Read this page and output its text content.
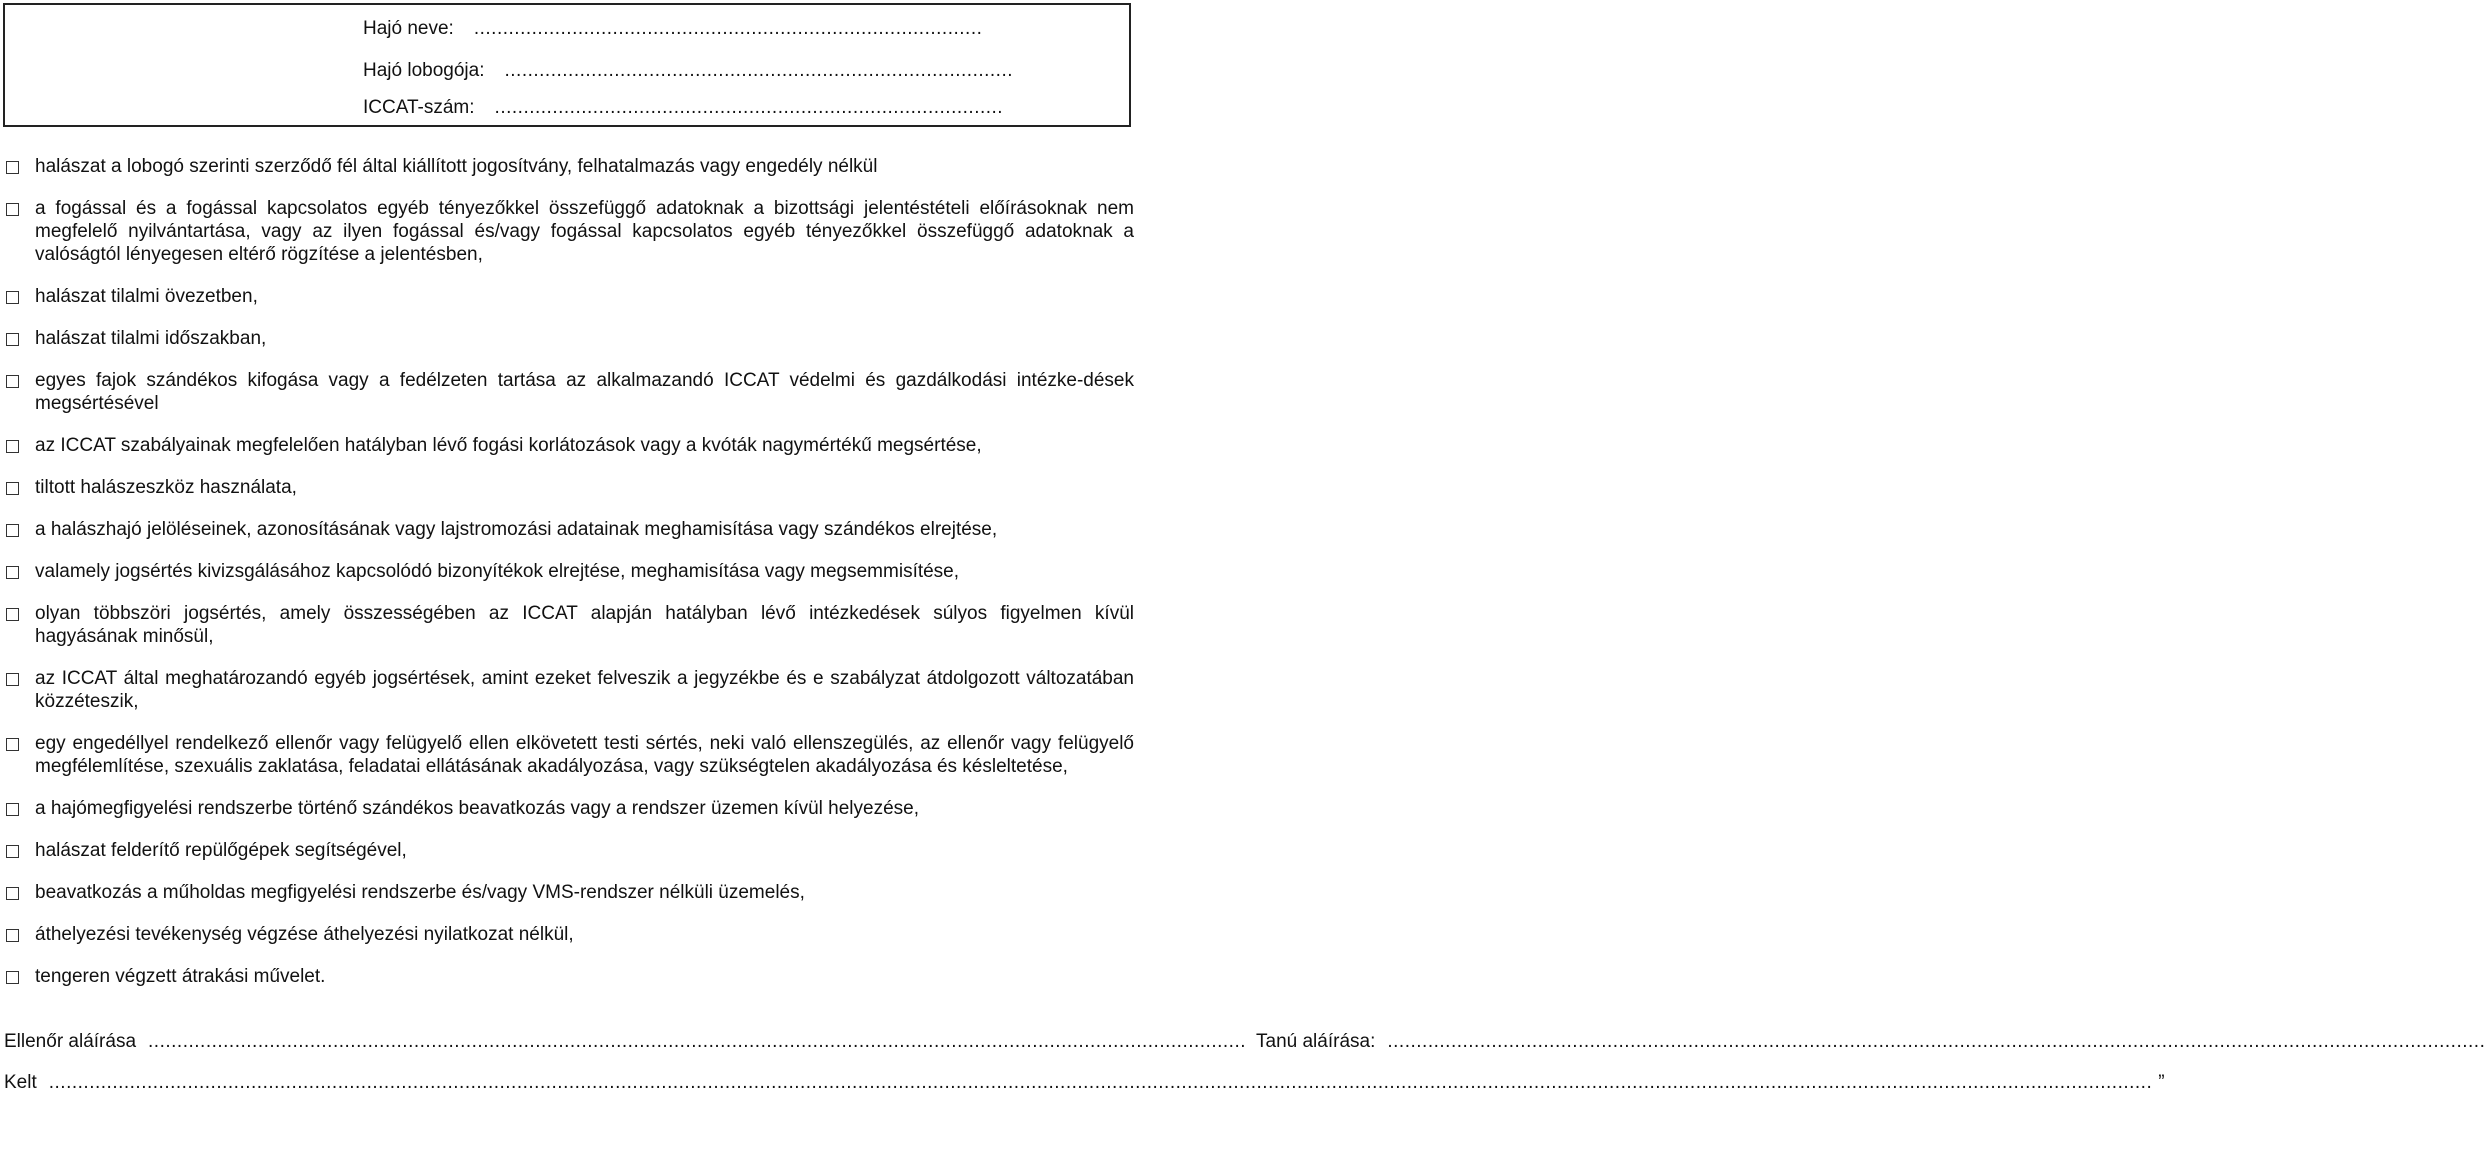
Hajó neve: ........................................................................................
Hajó lobogója: ........................................................................................
ICCAT-szám: ........................................................................................
halászat a lobogó szerinti szerződő fél által kiállított jogosítvány, felhatalmazás vagy engedély nélkül
a fogással és a fogással kapcsolatos egyéb tényezőkkel összefüggő adatoknak a bizottsági jelentéstételi előírásoknak nem megfelelő nyilvántartása, vagy az ilyen fogással és/vagy fogással kapcsolatos egyéb tényezőkkel összefüggő adatoknak a valóságtól lényegesen eltérő rögzítése a jelentésben,
halászat tilalmi övezetben,
halászat tilalmi időszakban,
egyes fajok szándékos kifogása vagy a fedélzeten tartása az alkalmazandó ICCAT védelmi és gazdálkodási intézke-dések megsértésével
az ICCAT szabályainak megfelelően hatályban lévő fogási korlátozások vagy a kvóták nagymértékű megsértése,
tiltott halászeszköz használata,
a halászhajó jelöléseinek, azonosításának vagy lajstromozási adatainak meghamisítása vagy szándékos elrejtése,
valamely jogsértés kivizsgálásához kapcsolódó bizonyítékok elrejtése, meghamisítása vagy megsemmisítése,
olyan többszöri jogsértés, amely összességében az ICCAT alapján hatályban lévő intézkedések súlyos figyelmen kívül hagyásának minősül,
az ICCAT által meghatározandó egyéb jogsértések, amint ezeket felveszik a jegyzékbe és e szabályzat átdolgozott változatában közzéteszik,
egy engedéllyel rendelkező ellenőr vagy felügyelő ellen elkövetett testi sértés, neki való ellenszegülés, az ellenőr vagy felügyelő megfélemlítése, szexuális zaklatása, feladatai ellátásának akadályozása, vagy szükségtelen akadályozása és késleltetése,
a hajómegfigyelési rendszerbe történő szándékos beavatkozás vagy a rendszer üzemen kívül helyezése,
halászat felderítő repülőgépek segítségével,
beavatkozás a műholdas megfigyelési rendszerbe és/vagy VMS-rendszer nélküli üzemelés,
áthelyezési tevékenység végzése áthelyezési nyilatkozat nélkül,
tengeren végzett átrakási művelet.
Ellenőr aláírása .............................................................................................................................................................................................. Tanú aláírása: ..............................................................................................................................................................................................
Kelt ............................................................................................................................................................................................................................................................................................................................................................................ ”
